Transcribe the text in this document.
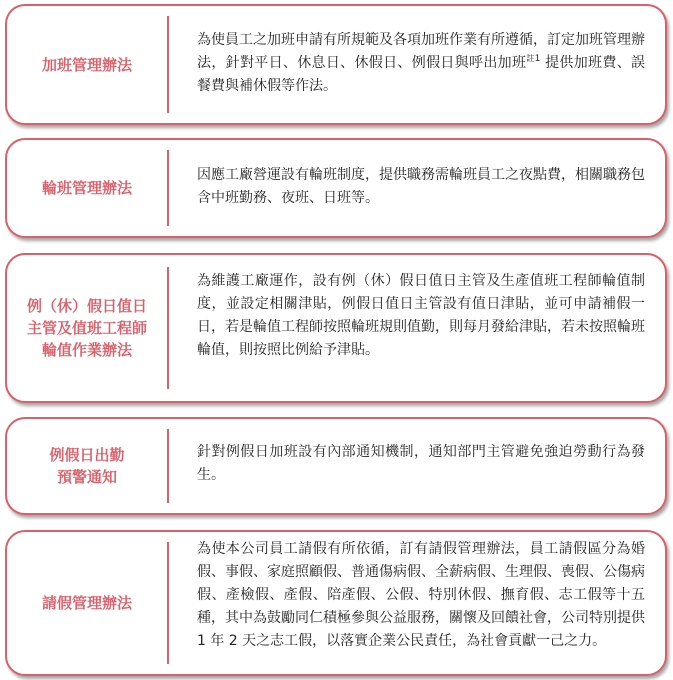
加班管理辦法
為使員工之加班申請有所規範及各項加班作業有所遵循，訂定加班管理辦法，針對平日、休息日、休假日、例假日與呼出加班$^{註1}$ 提供加班費、誤餐費與補休假等作法。
輪班管理辦法
因應工廠營運設有輪班制度，提供職務需輪班員工之夜點費，相關職務包含中班勤務、夜班、日班等。
例（休）假日值日
主管及值班工程師
輪值作業辦法
為維護工廠運作，設有例（休）假日值日主管及生產值班工程師輪值制度，並設定相關津貼，例假日值日主管設有值日津貼，並可申請補假一日，若是輪值工程師按照輪班規則值勤，則每月發給津貼，若未按照輪班輪值，則按照比例給予津貼。
例假日出勤
預警通知
針對例假日加班設有內部通知機制，通知部門主管避免強迫勞動行為發生。
請假管理辦法
為使本公司員工請假有所依循，訂有請假管理辦法，員工請假區分為婚假、事假、家庭照顧假、普通傷病假、全薪病假、生理假、喪假、公傷病假、產檢假、產假、陪產假、公假、特別休假、撫育假、志工假等十五種，其中為鼓勵同仁積極參與公益服務，關懷及回饋社會，公司特別提供 1 年 2 天之志工假，以落實企業公民責任，為社會貢獻一己之力。
